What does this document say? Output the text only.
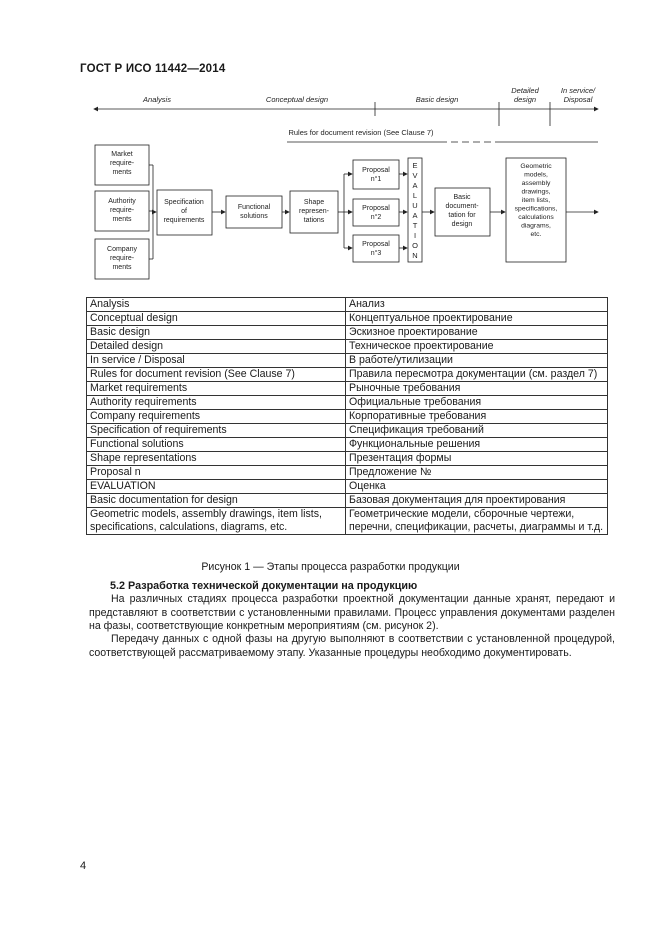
ГОСТ Р ИСО 11442—2014
Analysis	Conceptual design	Basic design
Detailed design
In service/ Disposal
Rules for document revision (See Clause 7)
Market require-ments
Authority require-ments
Company require-ments
Specification of requirements
Functional solutions
Shape represen-tations
Proposal n°1
Proposal n°2
Proposal n°3
E V A L U A T I O N
Basic document-tation for design
Geometric models, assembly drawings, item lists, specifications, calculations diagrams, etc.
Analysis	Анализ
Conceptual design	Концептуальное проектирование
Basic design	Эскизное проектирование
Detailed design	Техническое проектирование
In service / Disposal	В работе/утилизации
Rules for document revision (See Clause 7)	Правила пересмотра документации (см. раздел 7)
Market requirements	Рыночные требования
Authority requirements	Официальные требования
Company requirements	Корпоративные требования
Specification of requirements	Спецификация требований
Functional solutions	Функциональные решения
Shape representations	Презентация формы
Proposal n	Предложение №
EVALUATION	Оценка
Basic documentation for design	Базовая документация для проектирования
Geometric models, assembly drawings, item lists, specifications, calculations, diagrams, etc.	Геометрические модели, сборочные чертежи, перечни, спецификации, расчеты, диаграммы и т.д.
Рисунок 1 — Этапы процесса разработки продукции
5.2 Разработка технической документации на продукцию

На различных стадиях процесса разработки проектной документации данные хранят, передают и представляют в соответствии с установленными правилами. Процесс управления документами разделен на фазы, соответствующие конкретным мероприятиям (см. рисунок 2).

Передачу данных с одной фазы на другую выполняют в соответствии с установленной процедурой, соответствующей рассматриваемому этапу. Указанные процедуры необходимо документировать.

4
